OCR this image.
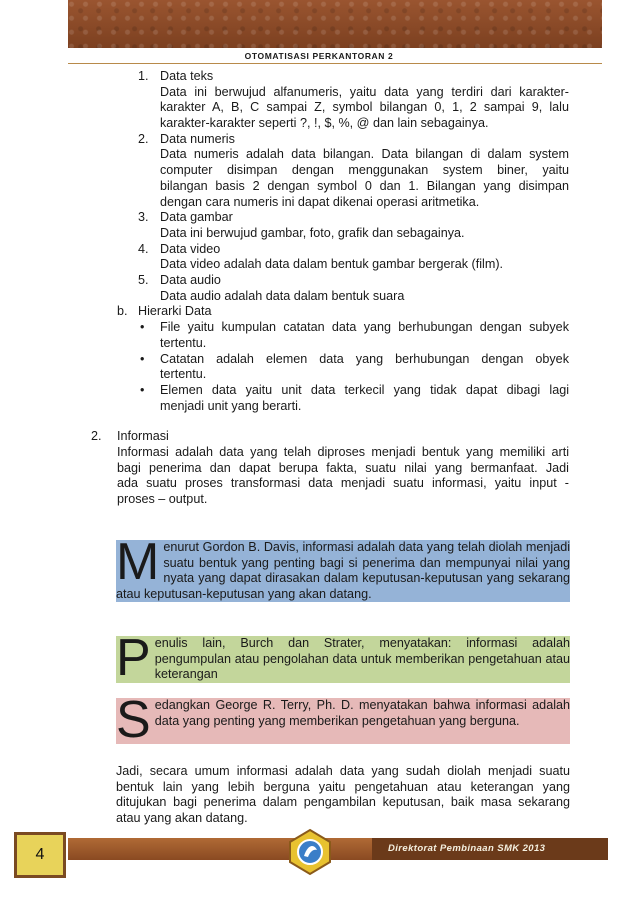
OTOMATISASI PERKANTORAN 2
1. Data teks
Data ini berwujud alfanumeris, yaitu data yang terdiri dari karakter-
karakter A, B, C sampai Z, symbol bilangan 0, 1, 2 sampai 9, lalu
karakter-karakter seperti ?, !, $, %, @ dan lain sebagainya.
2. Data numeris
Data numeris adalah data bilangan. Data bilangan di dalam system
computer disimpan dengan menggunakan system biner, yaitu
bilangan basis 2 dengan symbol 0 dan 1. Bilangan yang disimpan
dengan cara numeris ini dapat dikenai operasi aritmetika.
3. Data gambar
Data ini berwujud gambar, foto, grafik dan sebagainya.
4. Data video
Data video adalah data dalam bentuk gambar bergerak (film).
5. Data audio
Data audio adalah data dalam bentuk suara
b. Hierarki Data
• File yaitu kumpulan catatan data yang berhubungan dengan subyek
tertentu.
• Catatan adalah elemen data yang berhubungan dengan obyek
tertentu.
• Elemen data yaitu unit data terkecil yang tidak dapat dibagi lagi
menjadi unit yang berarti.
2. Informasi
Informasi adalah data yang telah diproses menjadi bentuk yang memiliki arti
bagi penerima dan dapat berupa fakta, suatu nilai yang bermanfaat. Jadi
ada suatu proses transformasi data menjadi suatu informasi, yaitu input -
proses – output.
M enurut Gordon B. Davis, informasi adalah data yang telah diolah menjadi suatu bentuk yang penting bagi si penerima dan mempunyai nilai yang nyata yang dapat dirasakan dalam keputusan-keputusan yang sekarang atau keputusan-keputusan yang akan datang.
P enulis lain, Burch dan Strater, menyatakan: informasi adalah pengumpulan atau pengolahan data untuk memberikan pengetahuan atau keterangan
S edangkan George R. Terry, Ph. D. menyatakan bahwa informasi adalah data yang penting yang memberikan pengetahuan yang berguna.
Jadi, secara umum informasi adalah data yang sudah diolah menjadi suatu bentuk lain yang lebih berguna yaitu pengetahuan atau keterangan yang ditujukan bagi penerima dalam pengambilan keputusan, baik masa sekarang atau yang akan datang.
Direktorat Pembinaan SMK 2013
4
